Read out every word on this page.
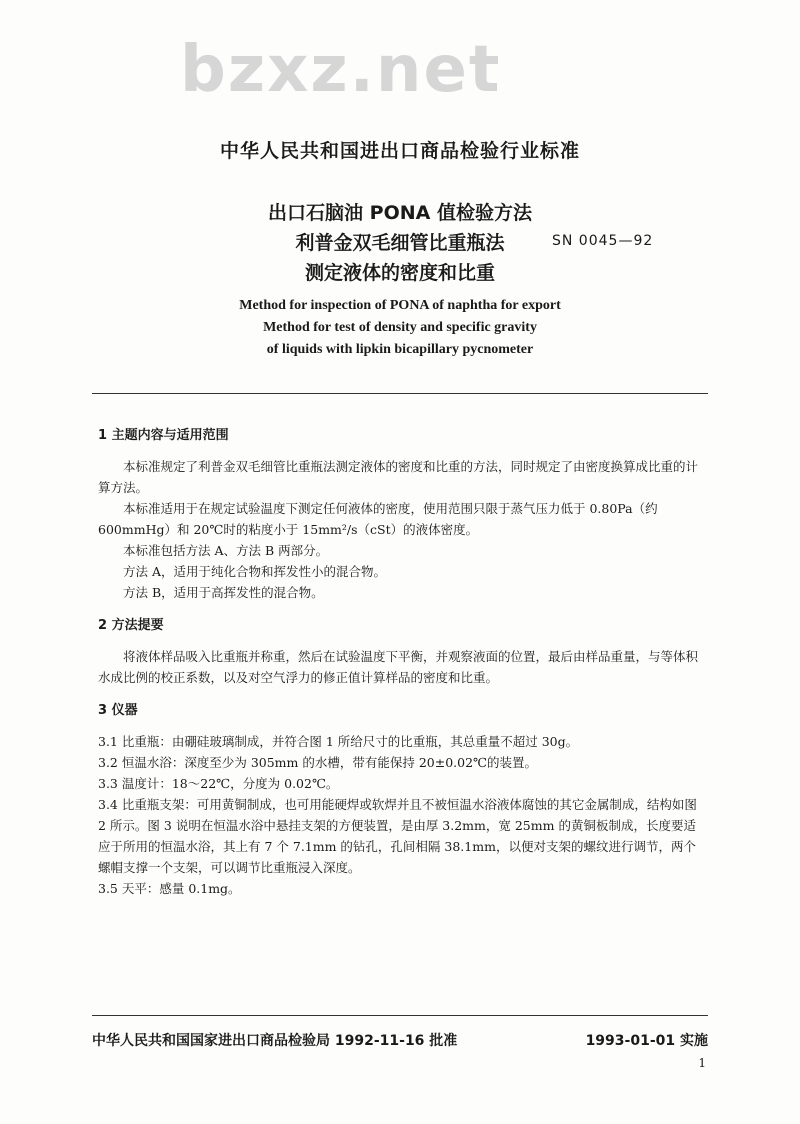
bzxz.net
中华人民共和国进出口商品检验行业标准
出口石脑油 PONA 值检验方法
利普金双毛细管比重瓶法
测定液体的密度和比重
SN 0045—92
Method for inspection of PONA of naphtha for export
Method for test of density and specific gravity
of liquids with lipkin bicapillary pycnometer

1 主题内容与适用范围

本标准规定了利普金双毛细管比重瓶法测定液体的密度和比重的方法，同时规定了由密度换算成比重的计算方法。

本标准适用于在规定试验温度下测定任何液体的密度，使用范围只限于蒸气压力低于 0.80Pa（约600mmHg）和 20℃时的粘度小于 15mm²/s（cSt）的液体密度。

本标准包括方法 A、方法 B 两部分。

方法 A，适用于纯化合物和挥发性小的混合物。

方法 B，适用于高挥发性的混合物。

2 方法提要

将液体样品吸入比重瓶并称重，然后在试验温度下平衡，并观察液面的位置，最后由样品重量，与等体积水成比例的校正系数，以及对空气浮力的修正值计算样品的密度和比重。

3 仪器

3.1 比重瓶：由硼硅玻璃制成，并符合图 1 所给尺寸的比重瓶，其总重量不超过 30g。

3.2 恒温水浴：深度至少为 305mm 的水槽，带有能保持 20±0.02℃的装置。

3.3 温度计：18～22℃，分度为 0.02℃。

3.4 比重瓶支架：可用黄铜制成，也可用能硬焊或软焊并且不被恒温水浴液体腐蚀的其它金属制成，结构如图 2 所示。图 3 说明在恒温水浴中悬挂支架的方便装置，是由厚 3.2mm，宽 25mm 的黄铜板制成，长度要适应于所用的恒温水浴，其上有 7 个 7.1mm 的钻孔，孔间相隔 38.1mm，以便对支架的螺纹进行调节，两个螺帽支撑一个支架，可以调节比重瓶浸入深度。

3.5 天平：感量 0.1mg。

中华人民共和国国家进出口商品检验局 1992-11-16 批准	1993-01-01 实施
1
